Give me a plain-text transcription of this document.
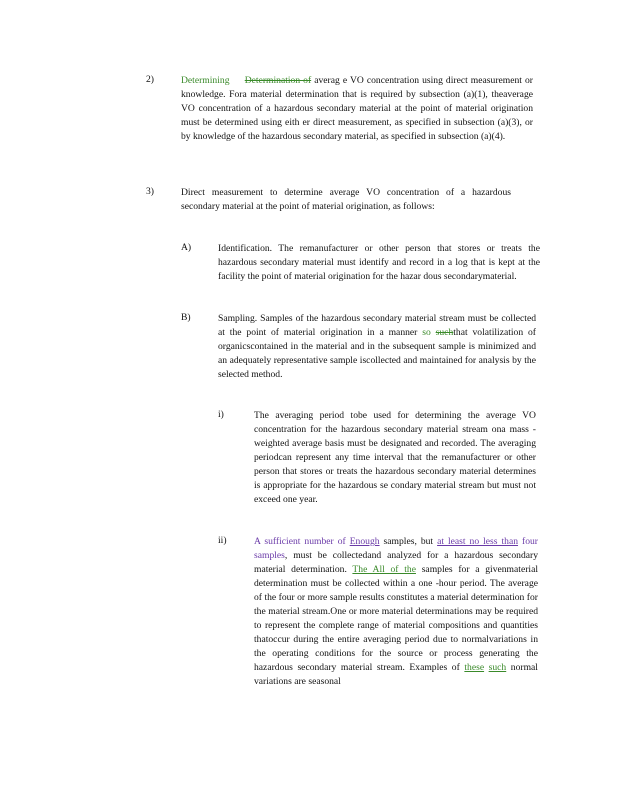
2)	Determining Determination of averag e VO concentration using direct measurement or knowledge. Fora material determination that is required by subsection (a)(1), theaverage VO concentration of a hazardous secondary material at the point of material origination must be determined using eith er direct measurement, as specified in subsection (a)(3), or by knowledge of the hazardous secondary material, as specified in subsection (a)(4).
3)	Direct measurement to determine average VO concentration of a hazardous secondary material at the point of material origination, as follows:
A)	Identification. The remanufacturer or other person that stores or treats the hazardous secondary material must identify and record in a log that is kept at the facility the point of material origination for the hazar dous secondarymaterial.
B)	Sampling. Samples of the hazardous secondary material stream must be collected at the point of material origination in a manner so suchthat volatilization of organicscontained in the material and in the subsequent sample is minimized and an adequately representative sample iscollected and maintained for analysis by the selected method.
i)	The averaging period tobe used for determining the average VO concentration for the hazardous secondary material stream ona mass -weighted average basis must be designated and recorded. The averaging periodcan represent any time interval that the remanufacturer or other person that stores or treats the hazardous secondary material determines is appropriate for the hazardous se condary material stream but must not exceed one year.
ii)	A sufficient number of Enough samples, but at least no less than four samples, must be collectedand analyzed for a hazardous secondary material determination. The All of the samples for a givenmaterial determination must be collected within a one -hour period. The average of the four or more sample results constitutes a material determination for the material stream.One or more material determinations may be required to represent the complete range of material compositions and quantities thatoccur during the entire averaging period due to normalvariations in the operating conditions for the source or process generating the hazardous secondary material stream. Examples of these such normal variations are seasonal
